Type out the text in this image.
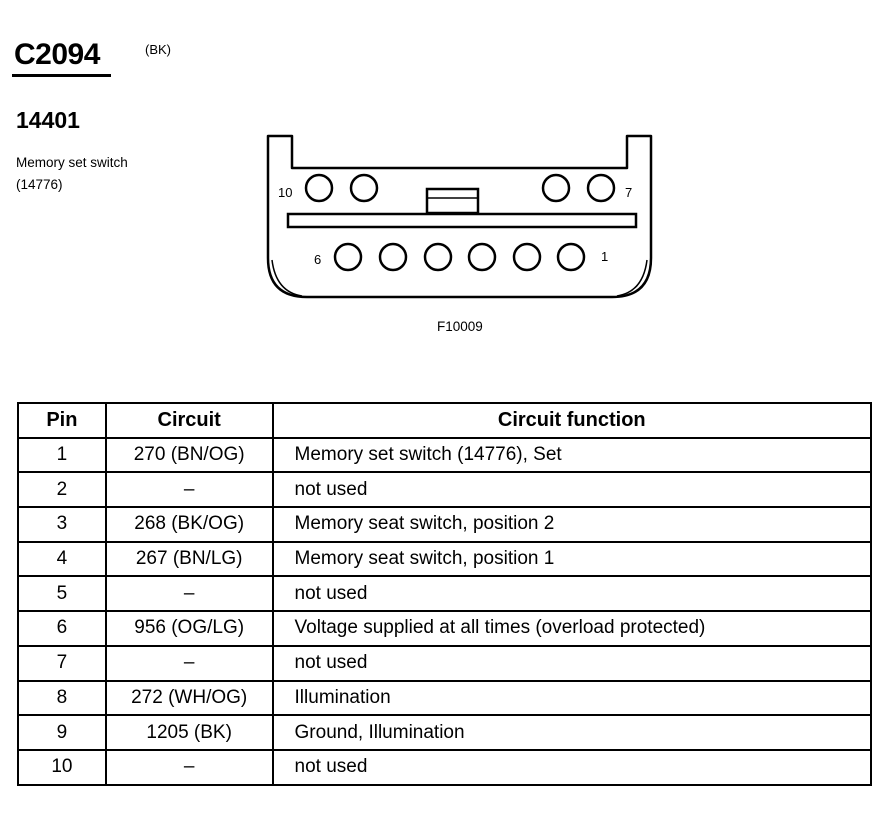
C2094	(BK)
14401
Memory set switch
(14776)
10	7
6	1
F10009
Pin	Circuit	Circuit function
1	270 (BN/OG)	Memory set switch (14776), Set
2	–	not used
3	268 (BK/OG)	Memory seat switch, position 2
4	267 (BN/LG)	Memory seat switch, position 1
5	–	not used
6	956 (OG/LG)	Voltage supplied at all times (overload protected)
7	–	not used
8	272 (WH/OG)	Illumination
9	1205 (BK)	Ground, Illumination
10	–	not used
